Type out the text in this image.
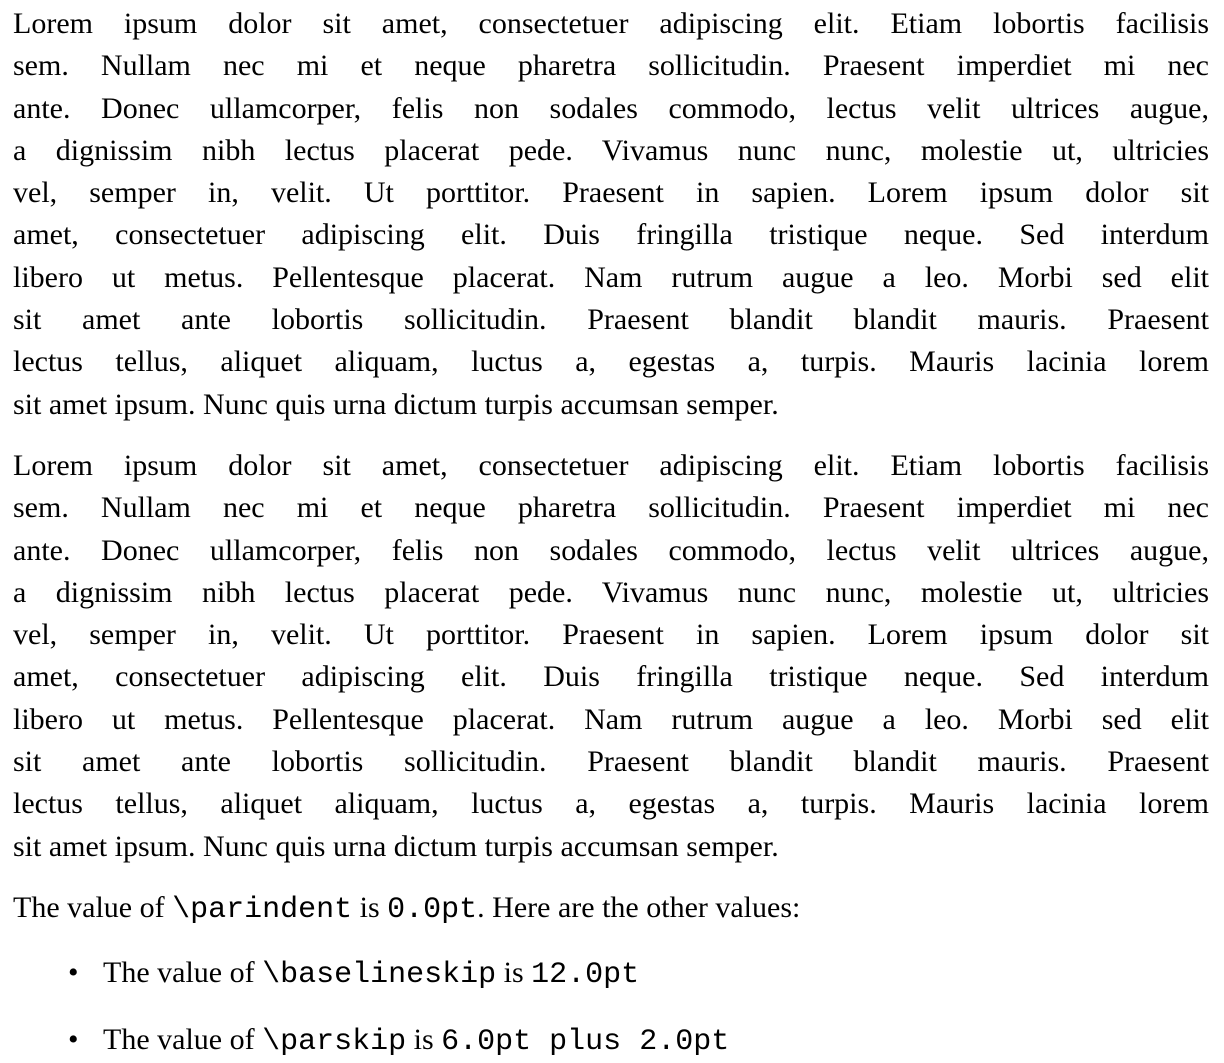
Lorem ipsum dolor sit amet, consectetuer adipiscing elit. Etiam lobortis facilisis
sem. Nullam nec mi et neque pharetra sollicitudin. Praesent imperdiet mi nec
ante. Donec ullamcorper, felis non sodales commodo, lectus velit ultrices augue,
a dignissim nibh lectus placerat pede. Vivamus nunc nunc, molestie ut, ultricies
vel, semper in, velit. Ut porttitor. Praesent in sapien. Lorem ipsum dolor sit
amet, consectetuer adipiscing elit. Duis fringilla tristique neque. Sed interdum
libero ut metus. Pellentesque placerat. Nam rutrum augue a leo. Morbi sed elit
sit amet ante lobortis sollicitudin. Praesent blandit blandit mauris. Praesent
lectus tellus, aliquet aliquam, luctus a, egestas a, turpis. Mauris lacinia lorem
sit amet ipsum. Nunc quis urna dictum turpis accumsan semper.
Lorem ipsum dolor sit amet, consectetuer adipiscing elit. Etiam lobortis facilisis
sem. Nullam nec mi et neque pharetra sollicitudin. Praesent imperdiet mi nec
ante. Donec ullamcorper, felis non sodales commodo, lectus velit ultrices augue,
a dignissim nibh lectus placerat pede. Vivamus nunc nunc, molestie ut, ultricies
vel, semper in, velit. Ut porttitor. Praesent in sapien. Lorem ipsum dolor sit
amet, consectetuer adipiscing elit. Duis fringilla tristique neque. Sed interdum
libero ut metus. Pellentesque placerat. Nam rutrum augue a leo. Morbi sed elit
sit amet ante lobortis sollicitudin. Praesent blandit blandit mauris. Praesent
lectus tellus, aliquet aliquam, luctus a, egestas a, turpis. Mauris lacinia lorem
sit amet ipsum. Nunc quis urna dictum turpis accumsan semper.

The value of \parindent is 0.0pt. Here are the other values:

• The value of \baselineskip is 12.0pt
• The value of \parskip is 6.0pt plus 2.0pt
